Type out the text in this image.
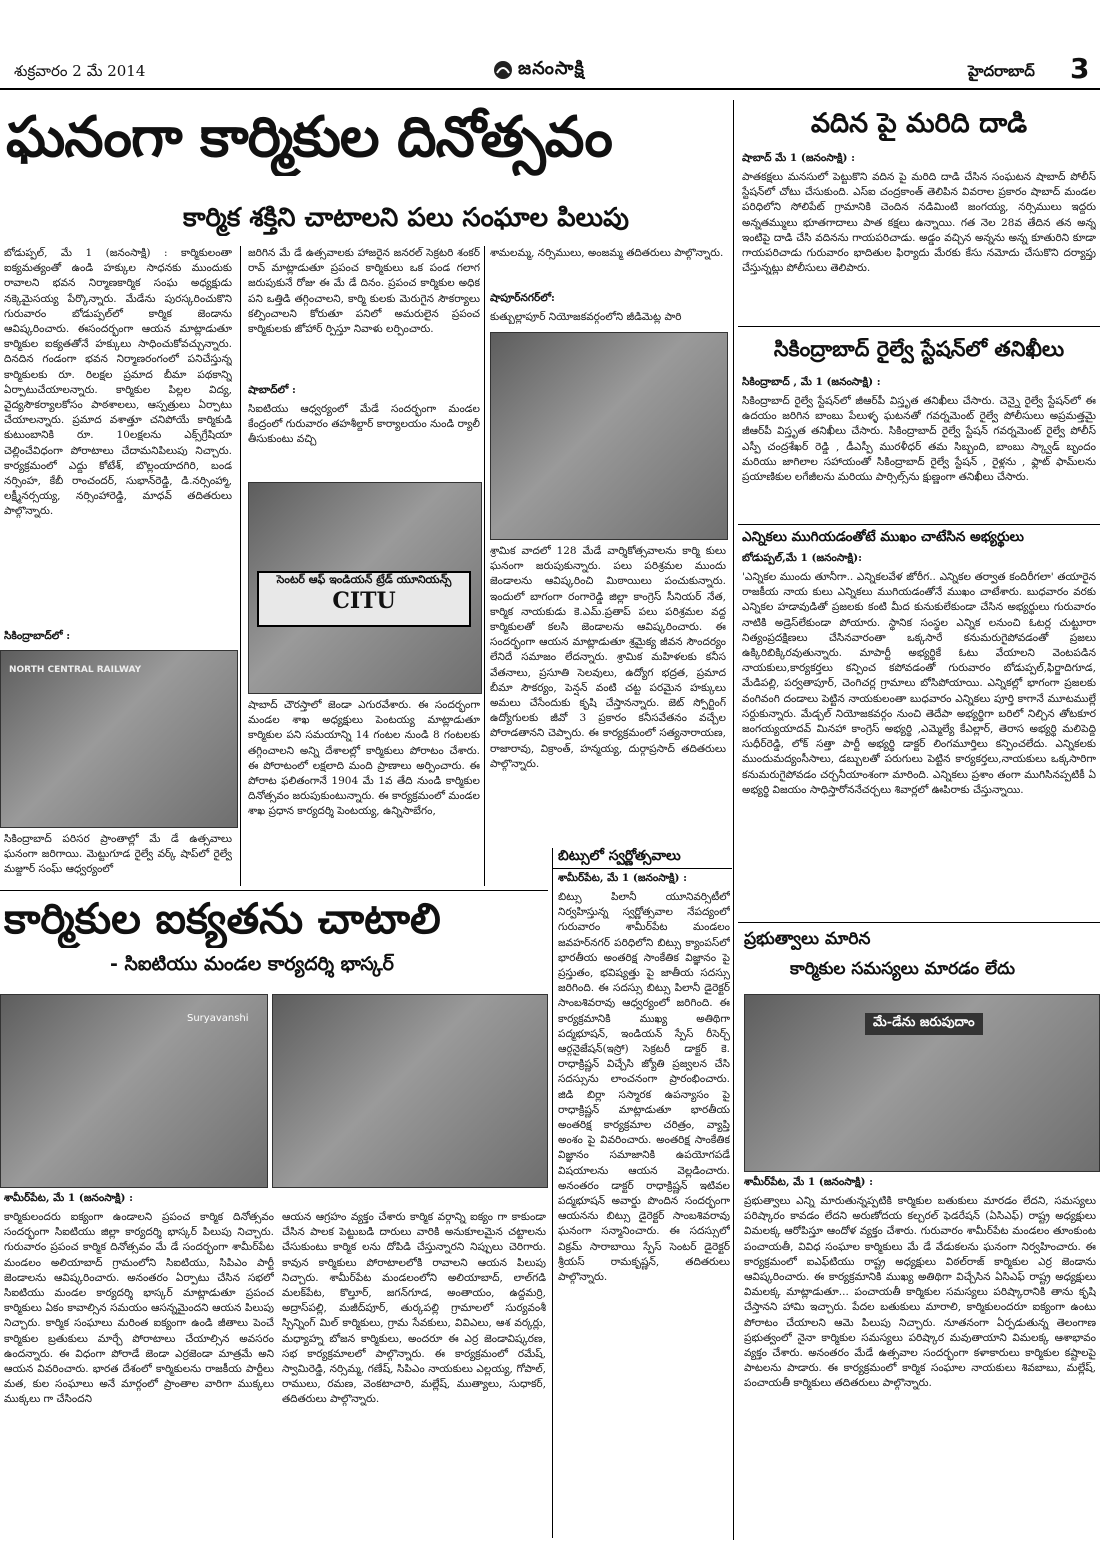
శుక్రవారం 2 మే 2014	జనంసాక్షి	హైదరాబాద్ 3
ఘనంగా కార్మికుల దినోత్సవం
కార్మిక శక్తిని చాటాలని పలు సంఘాల పిలుపు
బోడుప్పల్, మే 1 (జనంసాక్షి) : కార్మికులంతా ఐక్యమత్యంతో ఉండి హక్కుల సాధనకు ముందుకు రావాలని భవన నిర్మాణకార్మిక సంఘ అధ్యక్షుడు నక్కెమైసయ్య పేర్కొన్నారు. మేడేను పురస్కరించుకొని గురువారం బోడుప్పల్‌లో కార్మిక జెండాను ఆవిష్కరించారు. ఈసందర్భంగా ఆయన మాట్లాడుతూ కార్మికుల ఐక్యతతోనే హక్కులు సాధించుకోవచ్చున్నారు. దినదిన గండంగా భవన నిర్మాణరంగంలో పనిచేస్తున్న కార్మికులకు రూ. రిలక్షల ప్రమాద బీమా పథకాన్ని ఏర్పాటుచేయాలన్నారు. కార్మికుల పిల్లల విద్య, వైద్యసౌకర్యాలకోసం పాఠశాలలు, ఆస్పత్రులు ఏర్పాటు చేయాలన్నారు. ప్రమాద వశాత్తూ చనిపోయే కార్మికుడి కుటుంబానికి రూ. 10లక్షలను ఎక్స్‌గ్రేషియా చెల్లించేవిధంగా పోరాటాలు చేదామనిపిలుపు నిచ్చారు. కార్యక్రమంలో ఎద్దు కోటేశ్, బొల్లంయాదగిరి, బండ నర్సింహ, కేబీ రాంచందర్, సుభాన్‌రెడ్డి, డి.నర్సింహ్మా, లక్ష్మీనర్సయ్య, నర్సింహారెడ్డి, మాధవ్ తదితరులు పాల్గొన్నారు.
సికింద్రాబాద్‌లో :
NORTH CENTRAL RAILWAY
సికింద్రాబాద్ పరిసర ప్రాంతాల్లో మే డే ఉత్సవాలు ఘనంగా జరిగాయి. మెట్టుగూడ రైల్వే వర్క్ షాప్‌లో రైల్వే మజ్దూర్ సంఘ్ ఆధ్వర్యంలో
జరిగిన మే డే ఉత్సవాలకు హాజరైన జనరల్ సెక్రటరి శంకర్ రావ్ మాట్లాడుతూ ప్రపంచ కార్మికులు ఒక పండ గలాగ జరుపుకునే రోజు ఈ మే డే దినం. ప్రపంచ కార్మికుల అధిక పని ఒత్తిడి తగ్గించాలని, కార్మి కులకు మెరుగైన సౌకర్యాలు కల్పించాలని కోరుతూ పనిలో అమరులైన ప్రపంచ కార్మికులకు జోహార్ ర్పిస్తూ నివాళు లర్పించారు.
షాబాద్‌లో :
సిఐటియు ఆధ్వర్యంలో మేడే సందర్భంగా మండల కేంద్రంలో గురువారం తహశీల్దార్ కార్యాలయం నుండి ర్యాలీ తీసుకుంటు వచ్చి
సెంటర్ ఆఫ్ ఇండియన్ ట్రేడ్ యూనియన్స్
CITU
షాబాద్ చౌరస్తాలో జెండా ఎగురవేశారు. ఈ సందర్భంగా మండల శాఖ అధ్యక్షులు పెంటయ్య మాట్లాడుతూ కార్మికుల పని సమయాన్ని 14 గంటల నుండి 8 గంటలకు తగ్గించాలని అన్ని దేశాలల్లో కార్మికులు పోరాటం చేశారు. ఈ పోరాటంలో లక్షలాది మంది ప్రాణాలు అర్పించారు. ఈ పోరాట ఫలితంగానే 1904 మే 1వ తేది నుండి కార్మికుల దినోత్సవం జరుపుకుంటున్నారు. ఈ కార్యక్రమంలో మండల శాఖ ప్రధాన కార్యదర్శి పెంటయ్య, ఉన్నిసాబేగం,
శామలమ్మ, నర్సిములు, అంజమ్మ తదితరులు పాల్గొన్నారు.
షాపూర్‌నగర్‌లో:
కుత్బుల్లాపూర్ నియోజకవర్గంలోని జీడిమెట్ల పారి
శ్రామిక వాదలో 128 మేడే వార్శికోత్సవాలను కార్మి కులు ఘనంగా జరుపుకున్నారు. పలు పరిశ్రమల ముందు జెండాలను ఆవిష్కరించి మిఠాయిలు పంచుకున్నారు. ఇందులో బాగంగా రంగారెడ్డి జిల్లా కాంగ్రెస్ సీనియర్ నేత, కార్మిక నాయకుడు కె.ఎమ్.ప్రతాప్ పలు పరిశ్రమల వద్ద కార్మికులతో కలసి జెండాలను ఆవిష్కరించారు. ఈ సందర్భంగా ఆయన మాట్లాడుతూ శ్రమైక్య జీవన సౌందర్యం లేనిదే సమాజం లేదన్నారు. శ్రామిక మహిళలకు కనీస వేతనాలు, ప్రసూతి సెలవులు, ఉద్యోగ భద్రత, ప్రమాద బీమా సౌకర్యం, పెన్షన్ వంటి చట్ట పరమైన హక్కులు అమలు చేసేందుకు కృషి చేస్తానన్నారు. జెట్ స్పోర్టింగ్ ఉద్యోగులకు జీవో 3 ప్రకారం కనీసవేతనం వచ్చేల పోరాడతానని చెప్పారు. ఈ కార్యక్రమంలో సత్యనారాయణ, రాజారావు, విక్రాంత్, హన్మయ్య, దుర్గాప్రసాద్ తదితరులు పాల్గొన్నారు.
కార్మికుల ఐక్యతను చాటాలి
- సిఐటియు మండల కార్యదర్శి భాస్కర్
Suryavanshi
శామీర్‌పేట, మే 1 (జనంసాక్షి) :
కార్మికులందరు ఐక్యంగా ఉండాలని ప్రపంచ కార్మిక దినోత్సవం సందర్భంగా సిఐటియు జిల్లా కార్యదర్శి భాస్కర్ పిలుపు నిచ్చారు. గురువారం ప్రపంచ కార్మిక దినోత్సవం మే డే సందర్భంగా శామీర్‌పేట మండలం అలియాబాద్ గ్రామంలోని సిఐటియు, సిపిఎం పార్టీ జెండాలను ఆవిష్కరించారు. అనంతరం ఏర్పాటు చేసిన సభలో సిఐటియు మండల కార్యదర్శి భాస్కర్ మాట్లాడుతూ ప్రపంచ కార్మికులు ఏకం కావాల్సిన సమయం ఆసన్నమైందని ఆయన పిలుపు నిచ్చారు. కార్మిక సంఘాలు మరింత ఐక్యంగా ఉండి జీతాలు పెంచే కార్మికుల బ్రతుకులు మార్చే పోరాటాలు చేయాల్సిన అవసరం ఉందన్నారు. ఈ విధంగా పోరాడే జెండా ఎర్రజెండా మాత్రమే అని ఆయన వివరించారు. భారత దేశంలో కార్మికులను రాజకీయ పార్టీలు మత, కుల సంఘాలు అనే మార్గంలో ప్రాంతాల వారిగా ముక్కలు ముక్కలు గా చేసిందని
ఆయన ఆగ్రహం వ్యక్తం చేశారు కార్మిక వర్గాన్ని ఐక్యం గా కాకుండా చేసిన పాలక పెట్టుబడి దారులు వారికి అనుకూలమైన చట్టాలను చేసుకుంటు కార్మిక లను దోపిడి చేస్తున్నారని నిప్పులు చెరిగారు. కావున కార్మికులు పోరాటాలలోకి రావాలని ఆయన పిలుపు నిచ్చారు. శామీర్‌పేట మండలంలోని అలియాబాద్, లాల్‌గడి మలక్‌పేట, కొల్తూర్, జగన్‌గూడ, అంతాయం, ఉద్దమర్రి, అద్రాస్‌పల్లి, మజీద్‌పూర్, తుర్కపల్లి గ్రామాలలో సుర్యవంశీ స్పిన్నింగ్ మిల్ కార్మికులు, గ్రామ సేవకులు, వివిఎలు, ఆశ వర్కర్లు, మధ్యాహ్న బోజన కార్మికులు, అందరూ ఈ ఎర్ర జెండావిష్కరణ, సభ కార్యక్రమాలలో పాల్గొన్నారు. ఈ కార్యక్రమంలో రమేష్, స్వామిరెడ్డి, నర్సిమ్మ, గణేష్, సిపిఎం నాయకులు ఎల్లయ్య, గోపాల్, రాములు, రమణ, వెంకటాచారి, మల్లేష్, ముత్యాలు, సుధాకర్, తదితరులు పాల్గొన్నారు.
బిట్సులో స్వర్ణోత్సవాలు
శామీర్‌పేట, మే 1 (జనంసాక్షి) :
బిట్సు పిలానీ యూనివర్సిటీలో నిర్వహిస్తున్న స్వర్ణోత్సవాల నేపద్యంలో గురువారం శామీర్‌పేట మండలం జవహర్‌నగర్ పరిధిలోని బిట్సు క్యాంపస్‌లో భారతీయ అంతరిక్ష సాంకేతిక విజ్ఞానం పై ప్రస్తుతం, భవిష్యత్తు పై జాతీయ సదస్సు జరిగింది. ఈ సదస్సు బిట్సు పిలానీ డైరెక్టర్ సాంబశివరావు ఆధ్వర్యంలో జరిగింది. ఈ కార్యక్రమానికి ముఖ్య అతిథిగా పద్మభూషన్, ఇండియన్ స్పేస్ రీసెర్చ్ ఆర్గనైజేషన్(ఇస్రో) సెక్రటరీ డాక్టర్ కె. రాధాక్రిష్ణన్ విచ్చేసి జ్యోతి ప్రజ్వలన చేసి సదస్సును లాంచనంగా ప్రారంభించారు. జిడి బిర్లా సస్మారక ఉపన్యాసం పై రాధాక్రిష్ణన్ మాట్లాడుతూ భారతీయ అంతరిక్ష కార్యక్రమాల చరిత్రం, వ్యాప్తి అంశం పై వివరించారు. అంతరిక్ష సాంకేతిక విజ్ఞానం సమాజానికి ఉపయోగపడే విషయాలను ఆయన వెల్లడించారు. అనంతరం డాక్టర్ రాధాక్రిష్ణన్ ఇటివల పద్మభూషన్ అవార్డు పొందిన సందర్భంగా ఆయనను బిట్సు డైరెక్టర్ సాంబశివరావు ఘనంగా సన్మానించారు. ఈ సదస్సులో విక్రమ్ సారాబాయి స్పేస్ సెంటర్ డైరెక్టర్ శ్రీయస్ రామకృష్ణన్, తదితరులు పాల్గొన్నారు.
వదిన పై మరిది దాడి
షాబాద్ మే 1 (జనంసాక్షి) :
పాతకక్షలు మనసులో పెట్టుకొని వదిన పై మరిది దాడి చేసిన సంఘటన షాబాద్ పోలీస్ స్టేషన్‌లో చోటు చేసుకుంది. ఎస్‌ఐ చంద్రకాంత్ తెలిపిన వివరాల ప్రకారం షాబాద్ మండల పరిధిలోని సోలిపేట్ గ్రామానికి చెందిన నడిమింటి జంగయ్య, నర్సిములు ఇద్దరు అన్నతమ్ములు భూతగాదాలు పాత కక్షలు ఉన్నాయి. గత నెల 28వ తేదిన తన అన్న ఇంటిపై దాడి చేసి వదినను గాయపరిచాడు. అడ్డం వచ్చిన అన్నను అన్న కూతురిని కూడా గాయపరిచాడు గురువారం భాదితుల ఫిర్యాదు మేరకు కేసు నమోదు చేసుకొని దర్యాప్తు చేస్తున్నట్లు పోలీసులు తెలిపారు.
సికింద్రాబాద్ రైల్వే స్టేషన్‌లో తనిఖీలు
సికింద్రాబాద్ , మే 1 (జనంసాక్షి) :
సికింద్రాబాద్ రైల్వే స్టేషన్‌లో జీఆర్‌పీ విస్తృత తనిఖీలు చేసారు. చెన్నై రైల్వే స్టేషన్‌లో ఈ ఉదయం జరిగిన బాంబు పేలుళ్ళ ఘటనతో గవర్నమెంట్ రైల్వే పోలీసులు అప్రమత్తమై జీఆర్‌పీ విస్తృత తనిఖీలు చేసారు. సికింద్రాబాద్ రైల్వే స్టేషన్ గవర్నమెంట్ రైల్వే పోలీస్ ఎస్పీ చంద్రశేఖర్ రెడ్డి , డీఎస్పీ మురళీధర్ తమ సిబ్బంది, బాంబు స్క్వాడ్ బృందం మరియు జాగిలాల సహాయంతో సికింద్రాబాద్ రైల్వే స్టేషన్ , రైళ్లను , ఫ్లాట్ ఫామ్‌లను ప్రయాణికుల లగేజీలను మరియు పార్సిల్స్‌ను క్షుణ్ణంగా తనిఖీలు చేసారు.
ఎన్నికలు ముగియడంతోటే ముఖం చాటేసిన అభ్యర్థులు
బోడుప్పల్,మే 1 (జనంసాక్షి):
'ఎన్నికల ముందు తూనీగా.. ఎన్నికలవేళ జోరీగ.. ఎన్నికల తర్వాత కందిరీగలా' తయారైన రాజకీయ నాయ కులు ఎన్నికలు ముగియడంతోనే ముఖం చాటేశారు. బుధవారం వరకు ఎన్నికల హడావుడితో ప్రజలకు కంటి మీద కునుకులేకుండా చేసిన అభ్యర్థులు గురువారం నాటికి అడ్రెస్‌లేకుండా పోయారు. స్థానిక సంస్థల ఎన్నిక లనుంచి ఓటర్ల చుట్టూరా నిత్యంప్రదక్షిణలు చేసినవారంతా ఒక్కసారే కనుమరుగైపోవడంతో ప్రజలు ఉక్కిరిబిక్కిరవుతున్నారు. మాపార్టీ అభ్యర్థికే ఓటు వేయాలని వెంటపడిన నాయకులు,కార్యకర్తలు కన్పించ కపోవడంతో గురువారం బోడుప్పల్,ఫిర్జాదిగూడ, మేడిపల్లి, పర్వతాపూర్, చెంగిచర్ల గ్రామాలు బోసిపోయాయి. ఎన్నికల్లో భాగంగా ప్రజలకు వంగివంగి దండాలు పెట్టిన నాయకులంతా బుధవారం ఎన్నికలు పూర్తి కాగానే మూటముల్లే సర్దుకున్నారు. మేడ్చల్ నియోజకవర్గం నుంచి తెదేపా అభ్యర్థిగా బరిలో నిల్చిన తోటకూర జంగయ్యయాదవ్ మినహా కాంగ్రెస్ అభ్యర్థి ,ఎమ్మెల్యే కేఎల్లార్, తెరాస అభ్యర్థి మలిపెద్ది సుధీర్‌రెడ్డి, లోక్ సత్తా పార్టీ అభ్యర్థి డాక్టర్ లింగమూర్తిలు కన్పించలేదు. ఎన్నికలకు ముందుమద్యంసీసాలు, డబ్బులతో పరుగులు పెట్టిన కార్యకర్తలు,నాయకులు ఒక్కసారిగా కనుమరుగైపోవడం చర్చనీయాంశంగా మారింది. ఎన్నికలు ప్రశాం తంగా ముగిసినప్పటికీ ఏ అభ్యర్థి విజయం సాధిస్తారోననేచర్చలు శివార్లలో ఊపిరాకు చేస్తున్నాయి.
ప్రభుత్వాలు మారిన
కార్మికుల సమస్యలు మారడం లేదు
మే-డేను జరుపుదాం
శామీర్‌పేట, మే 1 (జనంసాక్షి) :
ప్రభుత్వాలు ఎన్ని మారుతున్నప్పటికి కార్మికుల బతుకులు మారడం లేదని, సమస్యలు పరిష్కారం కావడం లేదని అరుణోదయ కల్చరల్ ఫెడరేషన్ (ఏసిఎఫ్) రాష్ట్ర అధ్యక్షులు విమలక్క ఆరోపిస్తూ ఆందోళ వ్యక్తం చేశారు. గురువారం శామీర్‌పేట మండలం తూంకుంట పంచాయతీ, వివిధ సంఘాల కార్మికులు మే డే వేడుకలను ఘనంగా నిర్వహించారు. ఈ కార్యక్రమంలో ఐఎఫ్‌టియు రాష్ట్ర అధ్యక్షులు విఠల్‌రాజ్ కార్మికుల ఎర్ర జెండాను ఆవిష్కరించారు. ఈ కార్యక్రమానికి ముఖ్య అతిథిగా విచ్చేసిన ఏసిఎఫ్ రాష్ట్ర అధ్యక్షులు విమలక్క మాట్లాడుతూ... పంచాయతీ కార్మికుల సమస్యలు పరిష్కారానికి తాను కృషి చేస్తానని హామి ఇచ్చారు. పేదల బతుకులు మారాలి, కార్మికులందరూ ఐక్యంగా ఉంటు పోరాటం చేయాలని ఆమె పిలుపు నిచ్చారు. నూతనంగా ఏర్పడుతున్న తెలంగాణ ప్రభుత్వంలో నైనా కార్మికుల సమస్యలు పరిష్కార మవుతాయాని విమలక్క ఆశాభావం వ్యక్తం చేశారు. అనంతరం మేడే ఉత్సవాల సందర్భంగా కళాకారులు కార్మికుల కష్టాలపై పాటలను పాడారు. ఈ కార్యక్రమంలో కార్మిక సంఘాల నాయకులు శివబాబు, మల్లేష్, పంచాయతీ కార్మికులు తదితరులు పాల్గొన్నారు.
